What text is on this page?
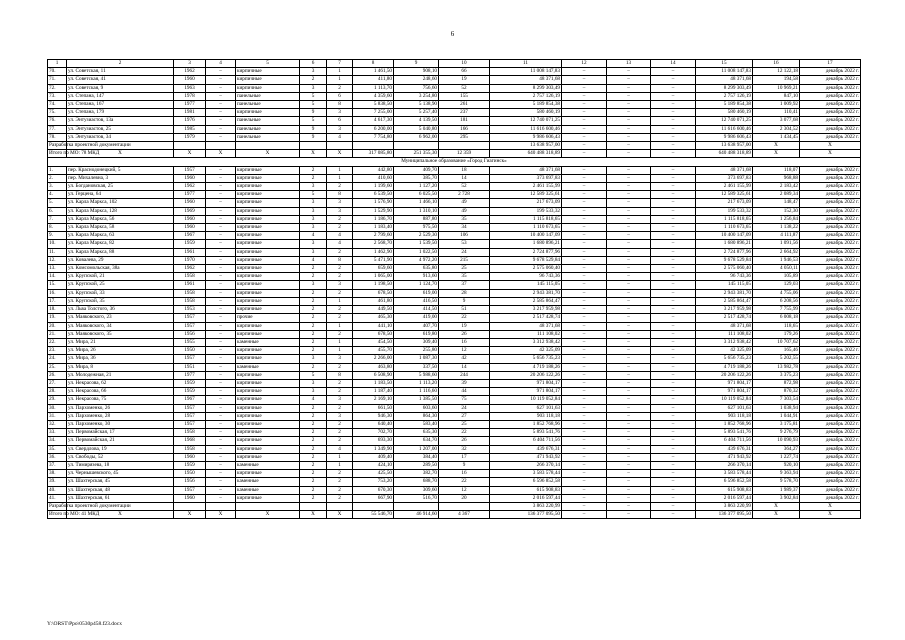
6
1	2	3	4	5	6	7	8	9	10	11	12	13	14	15	16	17
70.	ул. Советская, 11	1962	–	кирпичные	3	1	1 461,50	908,10	66	11 008 147,83	–	–	–	11 008 147,83	12 122,18	декабрь 2022 г.
71.	ул. Советская, 41	1960	–	кирпичные	2	1	411,80	248,60	19	48 371,68	–	–	–	48 371,68	194,58	декабрь 2022 г.
72.	ул. Советская, 9	1963	–	кирпичные	3	2	1 113,70	756,60	52	8 299 303,49	–	–	–	8 299 303,49	10 969,21	декабрь 2022 г.
73.	ул. Степана, 147	1978	–	панельные	5	6	4 359,60	3 254,80	155	2 757 126,19	–	–	–	2 757 126,19	847,10	декабрь 2022 г.
74.	ул. Степана, 167	1977	–	панельные	5	8	5 838,50	5 138,90	261	5 189 854,38	–	–	–	5 189 854,38	1 009,92	декабрь 2022 г.
75.	ул. Степана, 179	1981	–	кирпичные	9	3	7 255,00	5 257,40	237	580 460,19	–	–	–	580 460,19	110,41	декабрь 2022 г.
76.	ул. Энтузиастов, 13а	1976	–	панельные	5	6	4 617,30	4 139,50	181	12 740 071,25	–	–	–	12 740 071,25	3 077,68	декабрь 2022 г.
77.	ул. Энтузиастов, 25	1985	–	панельные	9	3	6 200,00	5 040,80	166	11 616 600,46	–	–	–	11 616 600,46	2 304,52	декабрь 2022 г.
78.	ул. Энтузиастов, 34	1979	–	панельные	9	4	7 754,80	6 962,00	295	9 986 606,43	–	–	–	9 986 606,43	1 434,45	декабрь 2022 г.
Разработка проектной документации										13 638 957,00	–	–	–	13 638 957,00	Х	Х
Итого по МО: 78 МКД	Х	Х	Х	Х	Х	Х	317 085,80	251 355,30	12 359	640 488 318,89	–	–	–	640 488 318,89	Х	Х
Муниципальное образование «Город Гиагинск»																
1.	пер. Краснодонецкий, 5	1957	–	кирпичные	2	1	442,80	409,70	18	48 371,68	–	–	–	48 371,68	118,07	декабрь 2022 г.
2.	пер. Михалевна, 3	1960	–	кирпичные	2	1	410,60	385,70	14	373 697,83	–	–	–	373 697,83	968,88	декабрь 2022 г.
3.	ул. Богдановская, 25	1962	–	кирпичные	3	2	1 199,60	1 127,20	52	2 461 155,99	–	–	–	2 461 155,99	2 183,42	декабрь 2022 г.
4.	ул. Герцена, 64	1977	–	кирпичные	5	8	6 539,50	6 025,50	2 728	12 589 325,61	–	–	–	12 589 325,61	2 089,34	декабрь 2022 г.
5.	ул. Карла Маркса, 102	1960	–	кирпичные	3	3	1 576,90	1 466,10	49	217 673,09	–	–	–	217 673,09	148,47	декабрь 2022 г.
6.	ул. Карла Маркса, 128	1969	–	кирпичные	3	3	1 529,90	1 310,10	49	199 533,32	–	–	–	199 533,32	152,30	декабрь 2022 г.
7.	ул. Карла Маркса, 56	1960	–	кирпичные	3	2	1 186,70	887,80	35	1 115 818,65	–	–	–	1 115 818,65	1 256,84	декабрь 2022 г.
8.	ул. Карла Маркса, 58	1960	–	кирпичные	3	2	1 183,40	975,50	34	1 110 673,65	–	–	–	1 110 673,65	1 138,22	декабрь 2022 г.
9.	ул. Карла Маркса, 63	1967	–	кирпичные	4	4	2 799,60	2 529,30	106	10 400 147,09	–	–	–	10 400 147,09	4 111,87	декабрь 2022 г.
10.	ул. Карла Маркса, 82	1959	–	кирпичные	3	4	2 568,70	1 539,50	53	1 680 896,21	–	–	–	1 680 896,21	1 091,56	декабрь 2022 г.
11.	ул. Карла Маркса, 88	1961	–	кирпичные	3	2	1 462,90	1 022,50	24	2 724 877,96	–	–	–	2 724 877,96	2 664,92	декабрь 2022 г.
12.	ул. Ковалева, 29	1970	–	кирпичные	4	8	5 471,90	4 972,20	215	9 678 529,84	–	–	–	9 678 529,84	1 946,53	декабрь 2022 г.
13.	ул. Комсомольская, 38а	1962	–	кирпичные	2	2	659,60	635,80	25	2 575 060,40	–	–	–	2 575 060,40	4 050,11	декабрь 2022 г.
14.	ул. Крупской, 21	1958	–	кирпичные	2	2	1 065,00	913,60	35	96 743,36	–	–	–	96 743,36	105,89	декабрь 2022 г.
15.	ул. Крупской, 25	1961	–	кирпичные	3	3	1 198,50	1 124,70	37	145 115,05	–	–	–	145 115,05	129,03	декабрь 2022 г.
16.	ул. Крупской, 33	1958	–	кирпичные	2	2	678,50	619,00	28	2 943 381,70	–	–	–	2 943 381,70	4 755,06	декабрь 2022 г.
17.	ул. Крупской, 35	1958	–	кирпичные	2	1	461,80	416,50	9	2 585 864,47	–	–	–	2 585 864,47	6 208,56	декабрь 2022 г.
18.	ул. Льва Толстого, 36	1953	–	кирпичные	2	2	449,50	414,50	51	3 217 959,98	–	–	–	3 217 959,98	7 755,99	декабрь 2022 г.
19.	ул. Маяковского, 23	1957	–	прочие	2	2	465,30	419,00	22	2 517 428,74	–	–	–	2 517 428,74	6 008,18	декабрь 2022 г.
20.	ул. Маяковского, 34	1957	–	кирпичные	2	1	441,10	407,70	19	48 371,68	–	–	–	48 371,68	118,65	декабрь 2022 г.
21.	ул. Маяковского, 35	1956	–	кирпичные	2	2	678,50	619,80	26	111 108,02	–	–	–	111 108,02	179,26	декабрь 2022 г.
22.	ул. Мира, 21	1955	–	каменные	2	1	454,50	309,40	16	3 312 938,42	–	–	–	3 312 938,42	10 707,62	декабрь 2022 г.
23.	ул. Мира, 26	1950	–	кирпичные	2	1	455,70	255,80	12	42 325,09	–	–	–	42 325,09	165,46	декабрь 2022 г.
24.	ул. Мира, 36	1957	–	кирпичные	3	3	2 266,00	1 087,30	42	5 656 735,23	–	–	–	5 656 735,23	5 202,55	декабрь 2022 г.
25.	ул. Мира, 8	1951	–	каменные	2	2	463,80	337,50	14	4 719 188,26	–	–	–	4 719 188,26	13 982,78	декабрь 2022 г.
26.	ул. Молодежная, 21	1977	–	кирпичные	5	8	6 508,90	5 988,60	244	20 206 122,26	–	–	–	20 206 122,26	3 375,23	декабрь 2022 г.
27.	ул. Некрасова, 62	1959	–	кирпичные	3	2	1 183,50	1 113,20	39	971 804,17	–	–	–	971 804,17	872,98	декабрь 2022 г.
28.	ул. Некрасова, 66	1959	–	кирпичные	3	2	1 187,40	1 116,60	44	971 804,17	–	–	–	971 804,17	870,32	декабрь 2022 г.
29.	ул. Некрасова, 75	1967	–	кирпичные	4	3	2 169,10	1 385,50	75	10 119 052,84	–	–	–	10 119 052,84	7 303,54	декабрь 2022 г.
30.	ул. Пархоменко, 26	1957	–	кирпичные	2	2	661,50	603,60	24	627 101,63	–	–	–	627 101,63	1 038,94	декабрь 2022 г.
31.	ул. Пархоменко, 28	1957	–	кирпичные	2	3	946,30	864,30	27	903 118,18	–	–	–	903 118,18	1 044,91	декабрь 2022 г.
32.	ул. Пархоменко, 30	1957	–	кирпичные	2	2	640,40	583,40	25	1 852 768,96	–	–	–	1 852 768,96	3 175,81	декабрь 2022 г.
33.	ул. Первомайская, 17	1958	–	кирпичные	2	2	702,70	635,30	22	5 893 541,76	–	–	–	5 893 541,76	9 276,79	декабрь 2022 г.
34.	ул. Первомайская, 21	1968	–	кирпичные	2	2	693,30	634,70	26	6 404 711,56	–	–	–	6 404 711,56	10 090,93	декабрь 2022 г.
35.	ул. Свердлова, 19	1958	–	кирпичные	2	4	1 349,90	1 207,00	32	439 676,31	–	–	–	439 676,31	364,27	декабрь 2022 г.
36.	ул. Свободы, 52	1960	–	кирпичные	2	1	409,40	384,40	17	471 943,92	–	–	–	471 943,92	1 227,74	декабрь 2022 г.
37.	ул. Тимирязева, 18	1959	–	каменные	2	1	424,10	289,50	9	266 370,14	–	–	–	266 370,14	920,10	декабрь 2022 г.
38.	ул. Чернышевского, 45	1950	–	кирпичные	2	2	425,50	382,70	16	3 583 578,44	–	–	–	3 583 578,44	9 363,94	декабрь 2022 г.
39.	ул. Шахтерская, 45	1956	–	каменные	2	2	753,20	688,70	22	6 596 852,58	–	–	–	6 596 852,58	9 578,70	декабрь 2022 г.
40.	ул. Шахтерская, 48	1957	–	каменные	2	2	670,30	309,60	12	615 908,83	–	–	–	615 908,83	1 989,37	декабрь 2022 г.
41.	ул. Шахтерская, 61	1960	–	кирпичные	2	2	667,90	516,70	20	2 016 597,44	–	–	–	2 016 597,44	3 902,84	декабрь 2022 г.
Разработка проектной документации										3 863 220,99	–	–	–	3 863 220,99	Х	Х
Итого по МО: 41 МКД	Х	Х	Х	Х	Х	Х	55 546,70	46 914,60	4 367	136 377 095,50	–	–	–	136 377 095,50	Х	Х
Y:\ORST\Ppo\0530p458.f23.docx
